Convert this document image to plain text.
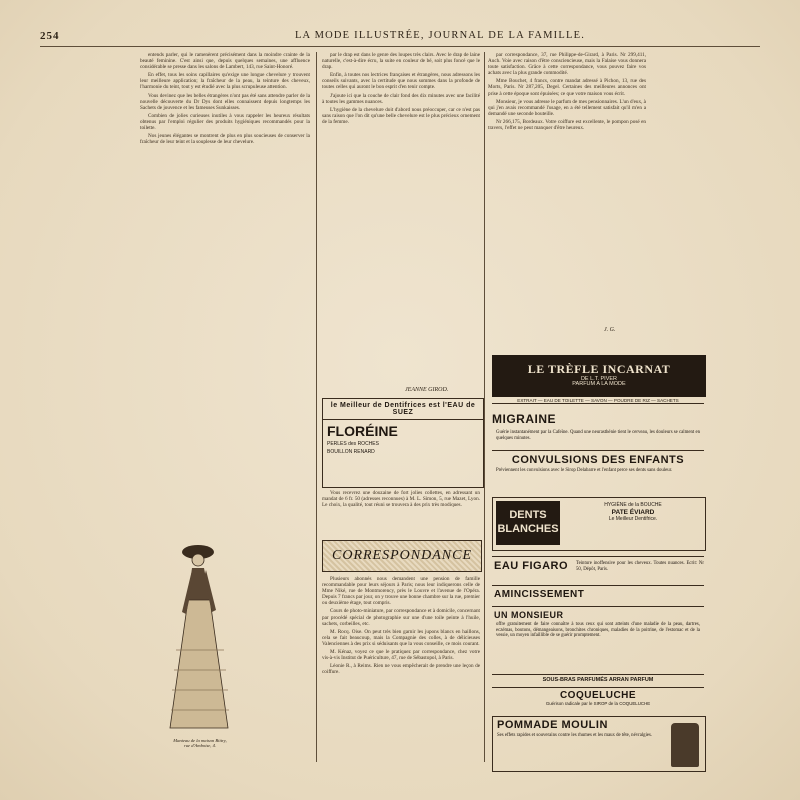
254	LA MODE ILLUSTRÉE, JOURNAL DE LA FAMILLE.

entends parler, qui le ramenèrent précisément dans la moindre crainte de la beauté feminine. C'est ainsi que, depuis quelques semaines, une affluence considérable se presse dans les salons de Lambert, 143, rue Saint-Honoré.

En effet, tous les soins capillaires qu'exige une longue chevelure y trouvent leur meilleure application; la fraîcheur de la peau, la teinture des cheveux, l'harmonie du teint, tout y est étudié avec la plus scrupuleuse attention.

Vous devinez que les belles étrangères n'ont pas été sans attendre parler de la nouvelle découverte du Dr Dys dont elles connaissent depuis longtemps les Sachets de jouvence et les fameuses Sunkaisses.

Combien de jolies curieuses inutiles à vous rappeler les heureux résultats obtenus par l'emploi régulier des produits hygiéniques recommandés pour la toilette.

Nos jeunes élégantes se montrent de plus en plus soucieuses de conserver la fraîcheur de leur teint et la souplesse de leur chevelure.

Manteau de la maison Bittry,
rue d'Amboise, 4.

par le drap est dans le genre des loupes très clairs. Avec le drap de laine naturelle, c'est-à-dire écru, la suite en couleur de bé, soit plus foncé que le drap.

Enfin, à toutes nos lectrices françaises et étrangères, nous adressons les conseils suivants, avec la certitude que nous sommes dans la profonde de toutes celles qui auront le bon esprit d'en tenir compte.

J'ajoute ici que la couche de clair fond des dix minutes avec une facilité à toutes les gammes nuances.

L'hygiène de la chevelure doit d'abord nous préoccuper, car ce n'est pas sans raison que l'on dit qu'une belle chevelure est le plus précieux ornement de la femme.

JEANNE GIROD.
le Meilleur de Dentifrices est l'EAU de SUEZ
FLORÉINE
PERLES des ROCHES
BOUILLON RENARD

Vous recevrez une douzaine de fort jolies collettes, en adressant un mandat de 6 fr. 50 (adresses reconnues) à M. L. Simon, 5, rue Mazet, Lyon. Le choix, la qualité, tout réuni se trouvera à des prix très modiques.

CORRESPONDANCE

Plusieurs abonnés nous demandent une pension de famille recommandable pour leurs séjours à Paris; nous leur indiquerons celle de Mme Niké, rue de Montmorency, près le Louvre et l'avenue de l'Opéra. Depuis 7 francs par jour, on y trouve une bonne chambre sur la rue, premier ou deuxième étage, tout compris.

Cours de photo-miniature, par correspondance et à domicile, concernant par procédé spécial de photographie sur une d'une toile peinte à l'huile, sachets, corbeilles, etc.

M. Rocq. Oise. On peut très bien garnir les jupons blancs en haillons, cela se fait beaucoup, mais la Compagnie des colles, à de délicieuses Valenciennes à des prix si séduisants que la vous conseille, ce mois courant.

M. Kénaz, voyez ce que le pratiquez par correspondance, chez votre vis-à-vis Institut de Puériculture, 47, rue de Sébastopol, à Paris.

Léonie R., à Reims. Rien ne vous empêcherait de prendre une leçon de coiffure.

par correspondance, 37, rue Philippe-de-Girard, à Paris. Nr 299,411, Auch. Voie avec raison d'être consciencieuse, mais la Falaise vous donnera toute satisfaction. Grâce à cette correspondance, vous pouvez faire vos achats avec la plus grande commodité.

Mme Bouchet, 4 francs, contre mandat adressé à Pichon, 13, rue des Morts, Paris. Nr 287,205, Degel. Certaines des meilleures annonces ont prise à cette époque sont épuisées; ce que votre maison vous écrit.

Monsieur, je vous adresse le parfum de mes pensionnaires. L'un d'eux, à qui j'en avais recommandé l'usage, en a été tellement satisfait qu'il m'en a demandé une seconde bouteille.

Nr 266,175, Bordeaux. Votre coiffure est excellente, le pompon posé en travers, l'effet ne peut manquer d'être heureux.

J. G.
LE TRÈFLE INCARNAT
DE L.T. PIVER
PARFUM A LA MODE
EXTRAIT — EAU DE TOILETTE — SAVON — POUDRE DE RIZ — SACHETS
MIGRAINE
Guérie instantanément par la Cafeïne. Quand une neurasthénie tient le cerveau, les douleurs se calment en quelques minutes.
CONVULSIONS DES ENFANTS
Préviennent les convulsions avec le Sirop Delabarre et l'enfant perce ses dents sans douleur.
DENTS BLANCHES
HYGIÈNE de la BOUCHE
PATE ÉVIARD
Le Meilleur Dentifrice.
EAU FIGARO	Teinture inoffensive pour les cheveux. Toutes nuances. Ecrit: Nr 50, Dépôt, Paris.
AMINCISSEMENT
UN MONSIEUR
offre gratuitement de faire connaître à tous ceux qui sont atteints d'une maladie de la peau, dartres, eczémas, boutons, démangeaisons, bronchites chroniques, maladies de la poitrine, de l'estomac et de la vessie, un moyen infaillible de se guérir promptement.
SOUS-BRAS PARFUMÉS ARRAN PARFUM
COQUELUCHE
Guérison radicale par le SIROP de la COQUELUCHE
POMMADE MOULIN
Ses effets rapides et souverains contre les rhumes et les maux de tête, névralgies.
